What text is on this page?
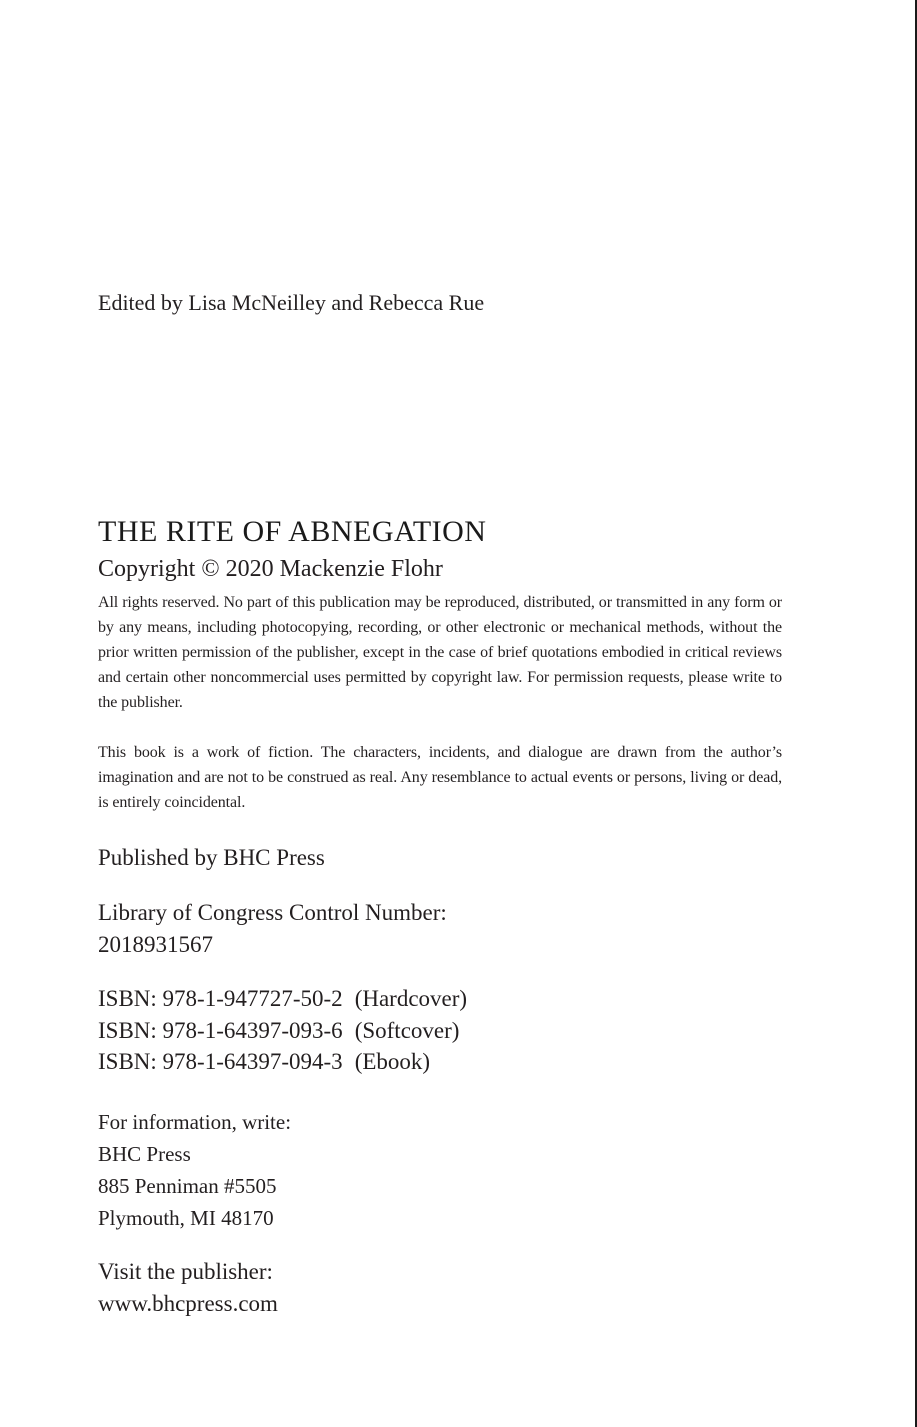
Edited by Lisa McNeilley and Rebecca Rue

THE RITE OF ABNEGATION

Copyright © 2020 Mackenzie Flohr

All rights reserved. No part of this publication may be reproduced, distributed, or transmitted in any form or by any means, including photocopying, recording, or other electronic or mechanical methods, without the prior written permission of the publisher, except in the case of brief quotations embodied in critical reviews and certain other noncommercial uses permitted by copyright law. For permission requests, please write to the publisher.

This book is a work of fiction. The characters, incidents, and dialogue are drawn from the author’s imagination and are not to be construed as real. Any resemblance to actual events or persons, living or dead, is entirely coincidental.

Published by BHC Press

Library of Congress Control Number:
2018931567
ISBN: 978-1-947727-50-2 (Hardcover)
ISBN: 978-1-64397-093-6 (Softcover)
ISBN: 978-1-64397-094-3 (Ebook)
For information, write:
BHC Press
885 Penniman #5505
Plymouth, MI 48170
Visit the publisher:
www.bhcpress.com
